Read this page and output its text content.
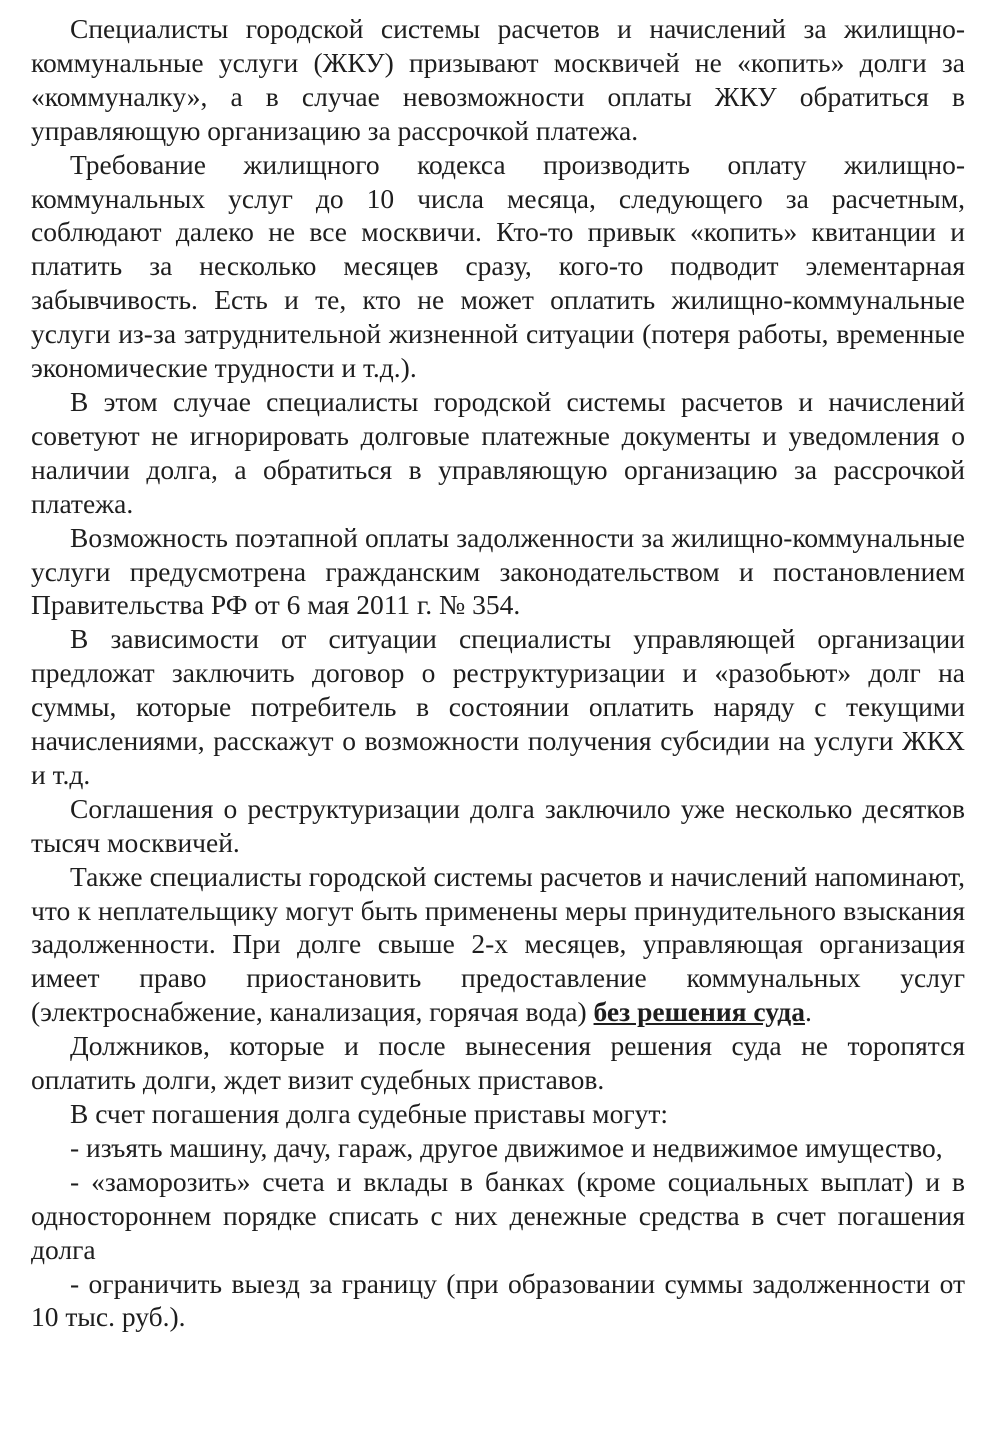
Специалисты городской системы расчетов и начислений за жилищно-коммунальные услуги (ЖКУ) призывают москвичей не «копить» долги за «коммуналку», а в случае невозможности оплаты ЖКУ обратиться в управляющую организацию за рассрочкой платежа.

Требование жилищного кодекса производить оплату жилищно-коммунальных услуг до 10 числа месяца, следующего за расчетным, соблюдают далеко не все москвичи. Кто-то привык «копить» квитанции и платить за несколько месяцев сразу, кого-то подводит элементарная забывчивость. Есть и те, кто не может оплатить жилищно-коммунальные услуги из-за затруднительной жизненной ситуации (потеря работы, временные экономические трудности и т.д.).

В этом случае специалисты городской системы расчетов и начислений советуют не игнорировать долговые платежные документы и уведомления о наличии долга, а обратиться в управляющую организацию за рассрочкой платежа.

Возможность поэтапной оплаты задолженности за жилищно-коммунальные услуги предусмотрена гражданским законодательством и постановлением Правительства РФ от 6 мая 2011 г. № 354.

В зависимости от ситуации специалисты управляющей организации предложат заключить договор о реструктуризации и «разобьют» долг на суммы, которые потребитель в состоянии оплатить наряду с текущими начислениями, расскажут о возможности получения субсидии на услуги ЖКХ и т.д.

Соглашения о реструктуризации долга заключило уже несколько десятков тысяч москвичей.

Также специалисты городской системы расчетов и начислений напоминают, что к неплательщику могут быть применены меры принудительного взыскания задолженности. При долге свыше 2-х месяцев, управляющая организация имеет право приостановить предоставление коммунальных услуг (электроснабжение, канализация, горячая вода) без решения суда.

Должников, которые и после вынесения решения суда не торопятся оплатить долги, ждет визит судебных приставов.

В счет погашения долга судебные приставы могут:

- изъять машину, дачу, гараж, другое движимое и недвижимое имущество,

- «заморозить» счета и вклады в банках (кроме социальных выплат) и в одностороннем порядке списать с них денежные средства в счет погашения долга

- ограничить выезд за границу (при образовании суммы задолженности от 10 тыс. руб.).
